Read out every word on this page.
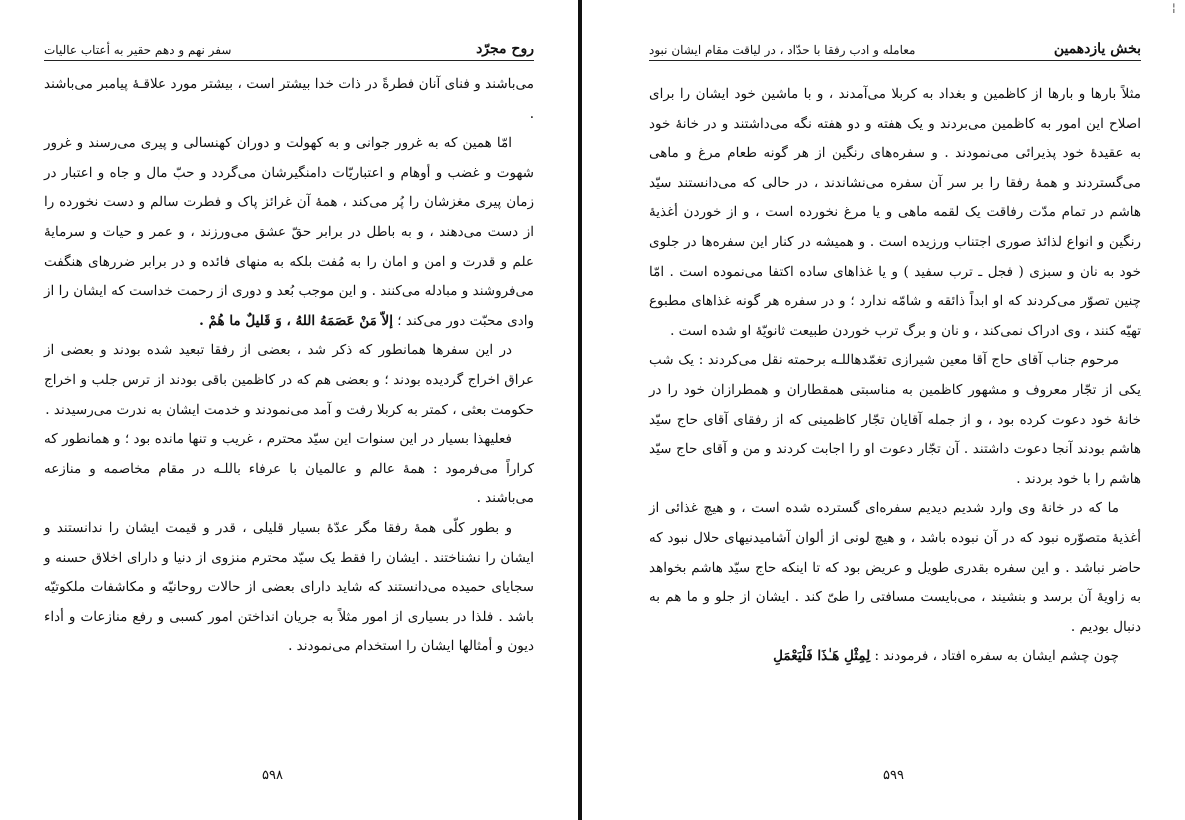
روح مجرّد
سفر نهم و دهم حقیر به أعتاب عالیات

می‌باشند و فنای آنان فطرةً در ذات خدا بیشتر است ، بیشتر مورد علاقـهٔ پیامبر می‌باشند .

امّا همین که به غرور جوانی و به کهولت و دوران کهنسالی و پیری می‌رسند و غرور شهوت و غضب و أوهام و اعتباریّات دامنگیرشان می‌گردد و حبّ مال و جاه و اعتبار در زمان پیری مغزشان را پُر می‌کند ، همهٔ آن غرائز پاک و فطرت سالم و دست نخورده را از دست می‌دهند ، و به باطل در برابر حقّ عشق می‌ورزند ، و عمر و حیات و سرمایهٔ علم و قدرت و امن و امان را به مُفت بلکه به منهای فائده و در برابر ضررهای هنگفت می‌فروشند و مبادله می‌کنند . و این موجب بُعد و دوری از رحمت خداست که ایشان را از وادی محبّت دور می‌کند ؛ إلاّ مَنْ عَصَمَهُ اللهُ ، وَ قَلیلٌ ما هُمْ .

در این سفرها همانطور که ذکر شد ، بعضی از رفقا تبعید شده بودند و بعضی از عراق اخراج گردیده بودند ؛ و بعضی هم که در کاظمین باقی بودند از ترس جلب و اخراج حکومت بعثی ، کمتر به کربلا رفت و آمد می‌نمودند و خدمت ایشان به ندرت می‌رسیدند .

فعلیهذا بسیار در این سنوات این سیّد محترم ، غریب و تنها مانده بود ؛ و همانطور که کراراً می‌فرمود : همهٔ عالم و عالمیان با عرفاء باللـه در مقام مخاصمه و منازعه می‌باشند .

و بطور کلّی همهٔ رفقا مگر عدّهٔ بسیار قلیلی ، قدر و قیمت ایشان را ندانستند و ایشان را نشناختند . ایشان را فقط یک سیّد محترم منزوی از دنیا و دارای اخلاق حسنه و سجایای حمیده می‌دانستند که شاید دارای بعضی از حالات روحانیّه و مکاشفات ملکوتیّه باشد . فلذا در بسیاری از امور مثلاً به جریان انداختن امور کسبی و رفع منازعات و أداء دیون و أمثالها ایشان را استخدام می‌نمودند .

۵۹۸
بخش یازدهمین
معامله و ادب رفقا با حدّاد ، در لیاقت مقام ایشان نبود

مثلاً بارها و بارها از کاظمین و بغداد به کربلا می‌آمدند ، و با ماشین خود ایشان را برای اصلاح این امور به کاظمین می‌بردند و یک هفته و دو هفته نگه می‌داشتند و در خانهٔ خود به عقیدهٔ خود پذیرائی می‌نمودند . و سفره‌های رنگین از هر گونه طعام مرغ و ماهی می‌گستردند و همهٔ رفقا را بر سر آن سفره می‌نشاندند ، در حالی که می‌دانستند سیّد هاشم در تمام مدّت رفاقت یک لقمه ماهی و یا مرغ نخورده است ، و از خوردن أغذیهٔ رنگین و انواع لذائذ صوری اجتناب ورزیده است . و همیشه در کنار این سفره‌ها در جلوی خود به نان و سبزی ( فجل ـ ترب سفید ) و یا غذاهای ساده اکتفا می‌نموده است . امّا چنین تصوّر می‌کردند که او ابداً ذائقه و شامّه ندارد ؛ و در سفره هر گونه غذاهای مطبوع تهیّه کنند ، وی ادراک نمی‌کند ، و نان و برگ ترب خوردن طبیعت ثانویّهٔ او شده است .

مرحوم جناب آقای حاج آقا معین شیرازی تغمّدهاللـه برحمته نقل می‌کردند : یک شب یکی از تجّار معروف و مشهور کاظمین به مناسبتی همقطاران و همطرازان خود را در خانهٔ خود دعوت کرده بود ، و از جمله آقایان تجّار کاظمینی که از رفقای آقای حاج سیّد هاشم بودند آنجا دعوت داشتند . آن تجّار دعوت او را اجابت کردند و من و آقای حاج سیّد هاشم را با خود بردند .

ما که در خانهٔ وی وارد شدیم دیدیم سفره‌ای گسترده شده است ، و هیچ غذائی از أغذیهٔ متصوّره نبود که در آن نبوده باشد ، و هیچ لونی از ألوان آشامیدنیهای حلال نبود که حاضر نباشد . و این سفره بقدری طویل و عریض بود که تا اینکه حاج سیّد هاشم بخواهد به زاویهٔ آن برسد و بنشیند ، می‌بایست مسافتی را طیّ کند . ایشان از جلو و ما هم به دنبال بودیم .

چون چشم ایشان به سفره افتاد ، فرمودند : لِمِثْلِ هَـٰذَا فَلْيَعْمَلِ

۵۹۹
¦
